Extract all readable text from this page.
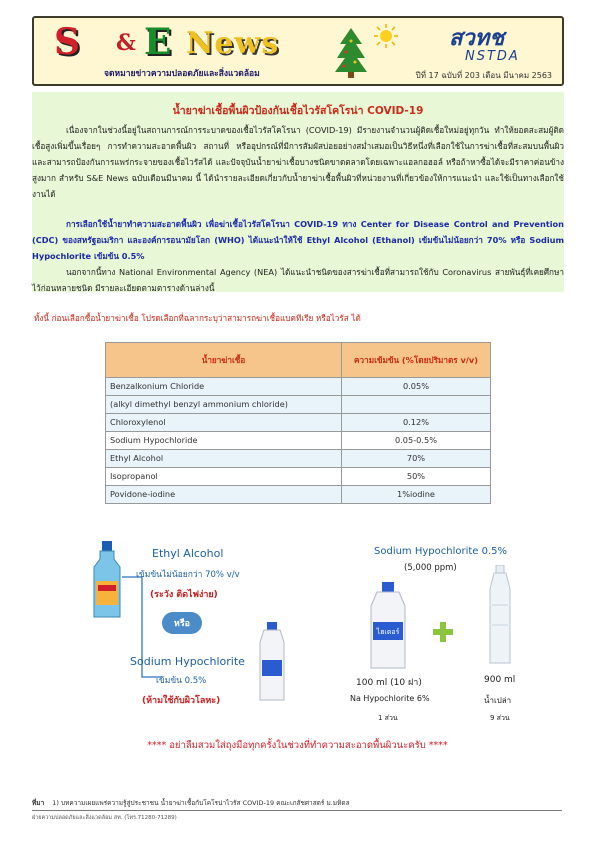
S & E News
จดหมายข่าวความปลอดภัยและสิ่งแวดล้อม
สวทช
NSTDA
ปีที่ 17 ฉบับที่ 203 เดือน มีนาคม 2563
น้ำยาฆ่าเชื้อพื้นผิวป้องกันเชื้อไวรัสโคโรน่า COVID-19
เนื่องจากในช่วงนี้อยู่ในสถานการณ์การระบาดของเชื้อไวรัสโคโรนา (COVID-19) มีรายงานจำนวนผู้ติดเชื้อใหม่อยู่ทุกวัน ทำให้ยอดสะสมผู้ติดเชื้อสูงเพิ่มขึ้นเรื่อยๆ การทำความสะอาดพื้นผิว สถานที่ หรืออุปกรณ์ที่มีการสัมผัสบ่อยอย่างสม่ำเสมอเป็นวิธีหนึ่งที่เลือกใช้ในการฆ่าเชื้อที่สะสมบนพื้นผิว และสามารถป้องกันการแพร่กระจายของเชื้อไวรัสได้ และปัจจุบันน้ำยาฆ่าเชื้อบางชนิดขาดตลาดโดยเฉพาะแอลกอฮอล์ หรือถ้าหาซื้อได้จะมีราคาค่อนข้างสูงมาก สำหรับ S&E News ฉบับเดือนมีนาคม นี้ ได้นำรายละเอียดเกี่ยวกับน้ำยาฆ่าเชื้อพื้นผิวที่หน่วยงานที่เกี่ยวข้องให้การแนะนำ และใช้เป็นทางเลือกใช้งานได้
การเลือกใช้น้ำยาทำความสะอาดพื้นผิว เพื่อฆ่าเชื้อไวรัสโคโรนา COVID-19 ทาง Center for Disease Control and Prevention (CDC) ของสหรัฐอเมริกา และองค์การอนามัยโลก (WHO) ได้แนะนำให้ใช้ Ethyl Alcohol (Ethanol) เข้มข้นไม่น้อยกว่า 70% หรือ Sodium Hypochlorite เข้มข้น 0.5%
นอกจากนี้ทาง National Environmental Agency (NEA) ได้แนะนำชนิดของสารฆ่าเชื้อที่สามารถใช้กับ Coronavirus สายพันธุ์ที่เคยศึกษาไว้ก่อนหลายชนิด มีรายละเอียดตามตารางด้านล่างนี้
ทั้งนี้ ก่อนเลือกซื้อน้ำยาฆ่าเชื้อ โปรดเลือกที่ฉลากระบุว่าสามารถฆ่าเชื้อแบคทีเรีย หรือไวรัส ได้
น้ำยาฆ่าเชื้อ	ความเข้มข้น (%โดยปริมาตร v/v)
Benzalkonium Chloride	0.05%
(alkyl dimethyl benzyl ammonium chloride)	
Chloroxylenol	0.12%
Sodium Hypochloride	0.05-0.5%
Ethyl Alcohol	70%
Isopropanol	50%
Povidone-iodine	1%iodine
Ethyl Alcohol
เข้มข้นไม่น้อยกว่า 70% v/v
(ระวัง ติดไฟง่าย)
หรือ
Sodium Hypochlorite
เข้มข้น 0.5%
(ห้ามใช้กับผิวโลหะ)
Sodium Hypochlorite 0.5%
(5,000 ppm)
ไฮเตอร์
100 ml (10 ฝา)
Na Hypochlorite 6%
1 ส่วน
900 ml
น้ำเปล่า
9 ส่วน
**** อย่าลืมสวมใส่ถุงมือทุกครั้งในช่วงที่ทำความสะอาดพื้นผิวนะครับ ****
ที่มา 1) บทความเผยแพร่ความรู้สู่ประชาชน น้ำยาฆ่าเชื้อกับโคโรน่าไวรัส COVID-19 คณะเภสัชศาสตร์ ม.มหิดล
ฝ่ายความปลอดภัยและสิ่งแวดล้อม สท. (โทร.71280-71289)
